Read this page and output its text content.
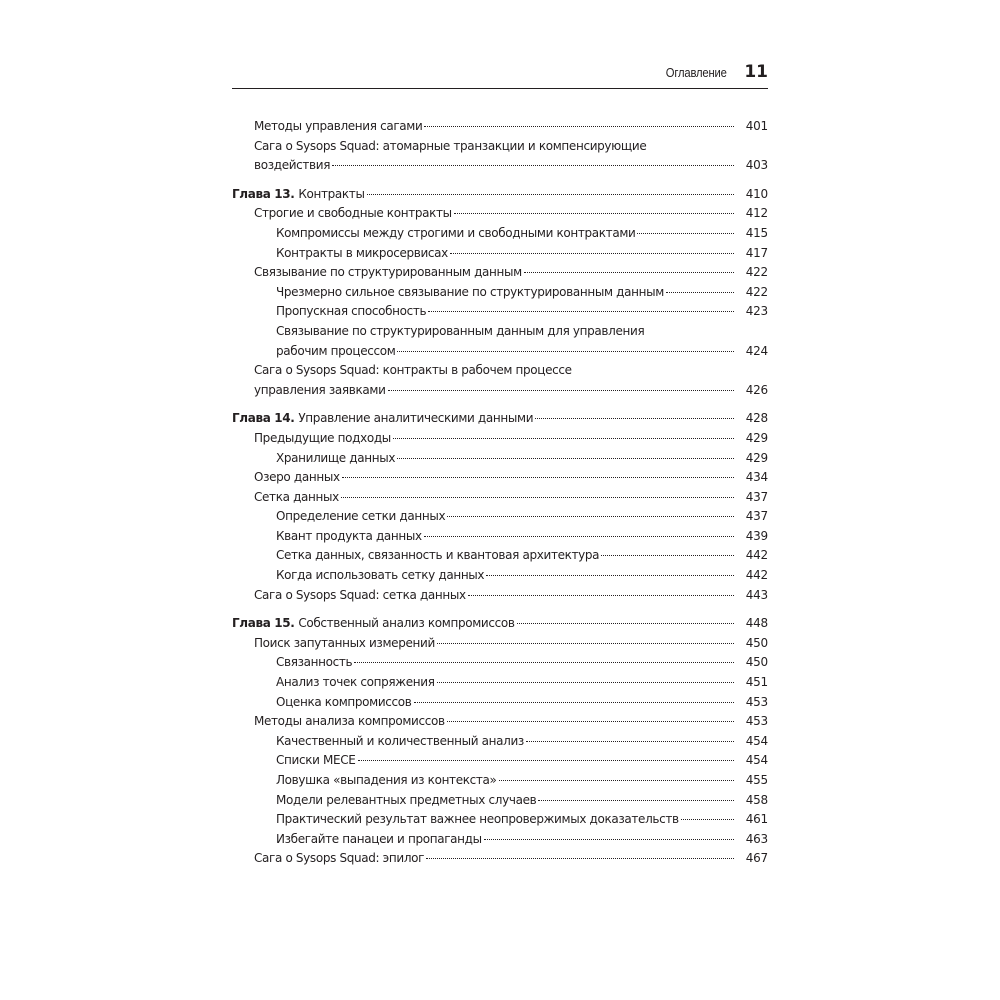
Оглавление 11
Методы управления сагами	401
Сага о Sysops Squad: атомарные транзакции и компенсирующие
воздействия	403
Глава 13. Контракты	410
Строгие и свободные контракты	412
Компромиссы между строгими и свободными контрактами	415
Контракты в микросервисах	417
Связывание по структурированным данным	422
Чрезмерно сильное связывание по структурированным данным	422
Пропускная способность	423
Связывание по структурированным данным для управления
рабочим процессом	424
Сага о Sysops Squad: контракты в рабочем процессе
управления заявками	426
Глава 14. Управление аналитическими данными	428
Предыдущие подходы	429
Хранилище данных	429
Озеро данных	434
Сетка данных	437
Определение сетки данных	437
Квант продукта данных	439
Сетка данных, связанность и квантовая архитектура	442
Когда использовать сетку данных	442
Сага о Sysops Squad: сетка данных	443
Глава 15. Собственный анализ компромиссов	448
Поиск запутанных измерений	450
Связанность	450
Анализ точек сопряжения	451
Оценка компромиссов	453
Методы анализа компромиссов	453
Качественный и количественный анализ	454
Списки MECE	454
Ловушка «выпадения из контекста»	455
Модели релевантных предметных случаев	458
Практический результат важнее неопровержимых доказательств	461
Избегайте панацеи и пропаганды	463
Сага о Sysops Squad: эпилог	467
